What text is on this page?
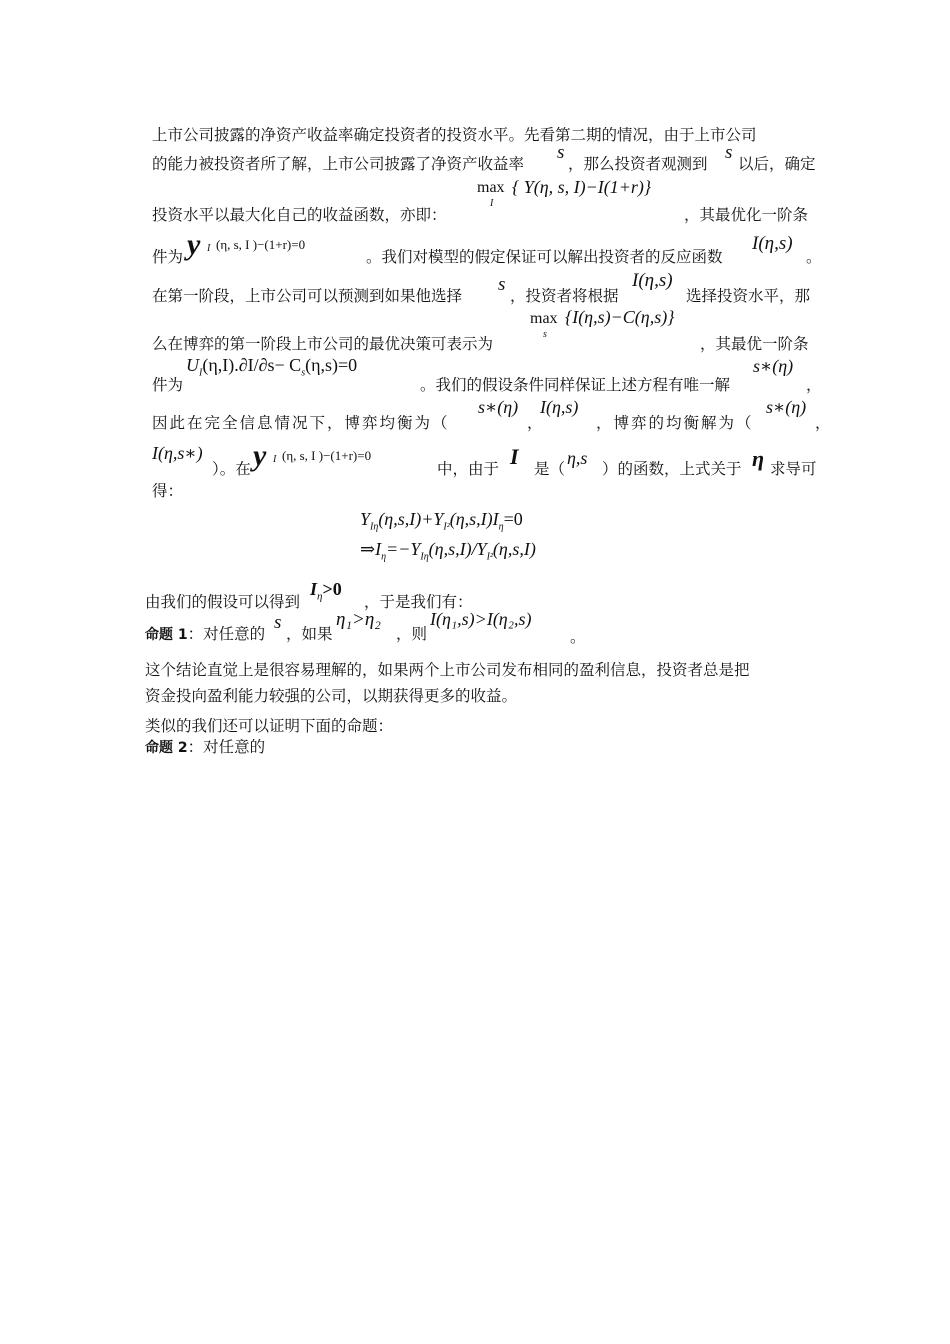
上市公司披露的净资产收益率确定投资者的投资水平。先看第二期的情况，由于上市公司
的能力被投资者所了解，上市公司披露了净资产收益率
s
，那么投资者观测到
s
以后，确定
max { Y(η, s, I)−I(1+r)}
I
投资水平以最大化自己的收益函数，亦即：	，其最优化一阶条
件为 y I (η, s, I )−(1+r)=0
。我们对模型的假定保证可以解出投资者的反应函数
I(η,s)
。
I(η,s)
在第一阶段，上市公司可以预测到如果他选择
s
，投资者将根据	选择投资水平，那
max {I(η,s)−C(η,s)}
s
么在博弈的第一阶段上市公司的最优决策可表示为	，其最优一阶条
$U_I(\eta,I).\partial I/\partial s- C_s(\eta,s)=0$	s∗(η)
件为	。我们的假设条件同样保证上述方程有唯一解	，
s∗(η) I(η,s)	s∗(η)
因此在完全信息情况下，博弈均衡为（	，	，博弈的均衡解为（	，
I(η,s∗)
）。在 y I (η, s, I )−(1+r)=0
中，由于 I 是（
η,s
）的函数，上式关于 η 求导可
得：
$Y_{I\eta}(\eta,s,I)+Y_{I^2}(\eta,s,I)I_\eta=0$
$\Rightarrow I_\eta=-Y_{I\eta}(\eta,s,I)/Y_{I^2}(\eta,s,I)$
由我们的假设可以得到
$I_\eta>0$
，于是我们有：
命题 1：对任意的
s
，如果
η₁>η₂
，则
I(η₁,s)>I(η₂,s)
。
这个结论直觉上是很容易理解的，如果两个上市公司发布相同的盈利信息，投资者总是把
资金投向盈利能力较强的公司，以期获得更多的收益。
类似的我们还可以证明下面的命题：
命题 2：对任意的
